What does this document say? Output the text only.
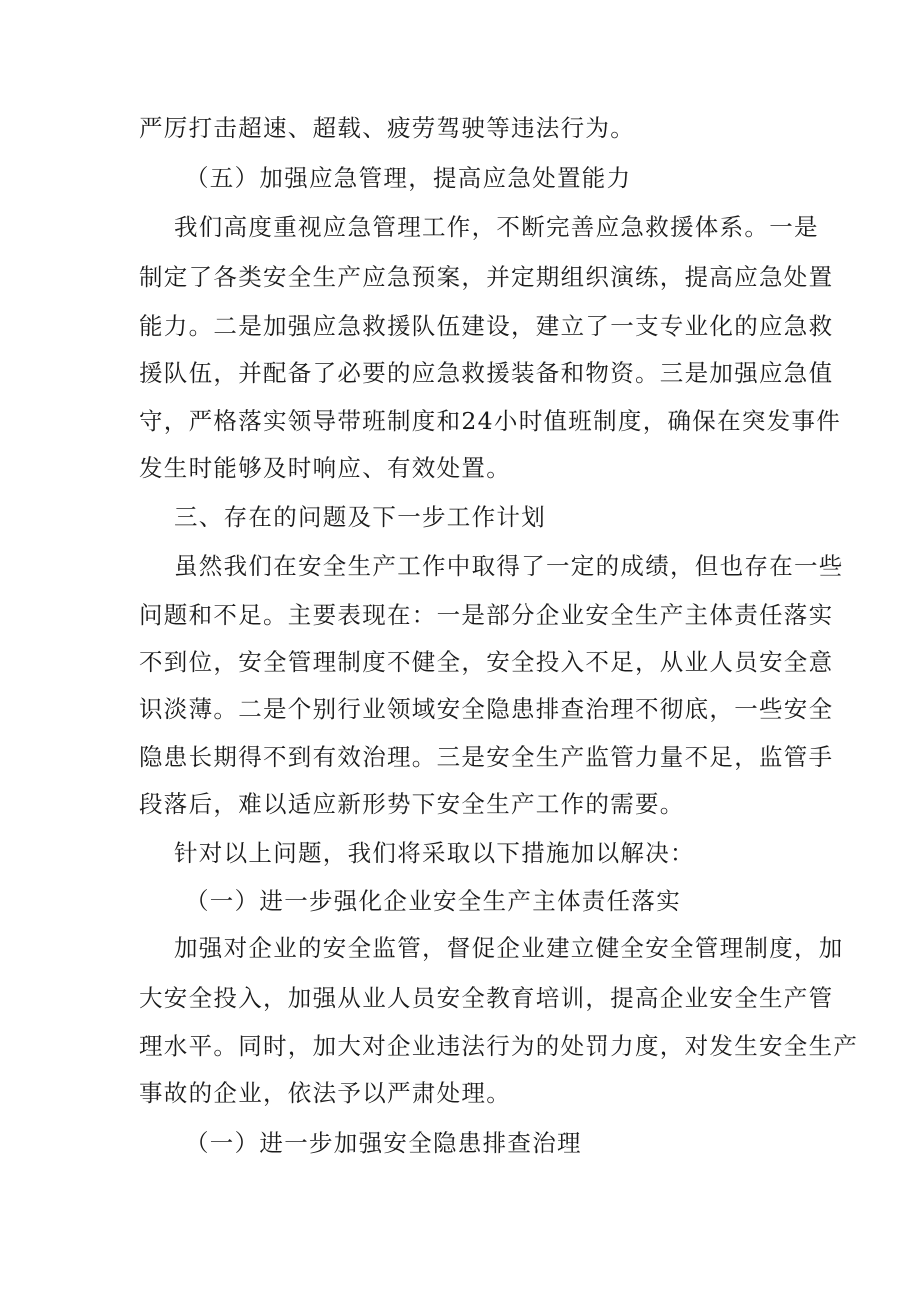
严厉打击超速、超载、疲劳驾驶等违法行为。

（五）加强应急管理，提高应急处置能力

我们高度重视应急管理工作，不断完善应急救援体系。一是

制定了各类安全生产应急预案，并定期组织演练，提高应急处置

能力。二是加强应急救援队伍建设，建立了一支专业化的应急救

援队伍，并配备了必要的应急救援装备和物资。三是加强应急值

守，严格落实领导带班制度和24小时值班制度，确保在突发事件

发生时能够及时响应、有效处置。

三、存在的问题及下一步工作计划

虽然我们在安全生产工作中取得了一定的成绩，但也存在一些

问题和不足。主要表现在：一是部分企业安全生产主体责任落实

不到位，安全管理制度不健全，安全投入不足，从业人员安全意

识淡薄。二是个别行业领域安全隐患排查治理不彻底，一些安全

隐患长期得不到有效治理。三是安全生产监管力量不足，监管手

段落后，难以适应新形势下安全生产工作的需要。

针对以上问题，我们将采取以下措施加以解决：

（一）进一步强化企业安全生产主体责任落实

加强对企业的安全监管，督促企业建立健全安全管理制度，加

大安全投入，加强从业人员安全教育培训，提高企业安全生产管

理水平。同时，加大对企业违法行为的处罚力度，对发生安全生产

事故的企业，依法予以严肃处理。

（一）进一步加强安全隐患排查治理
